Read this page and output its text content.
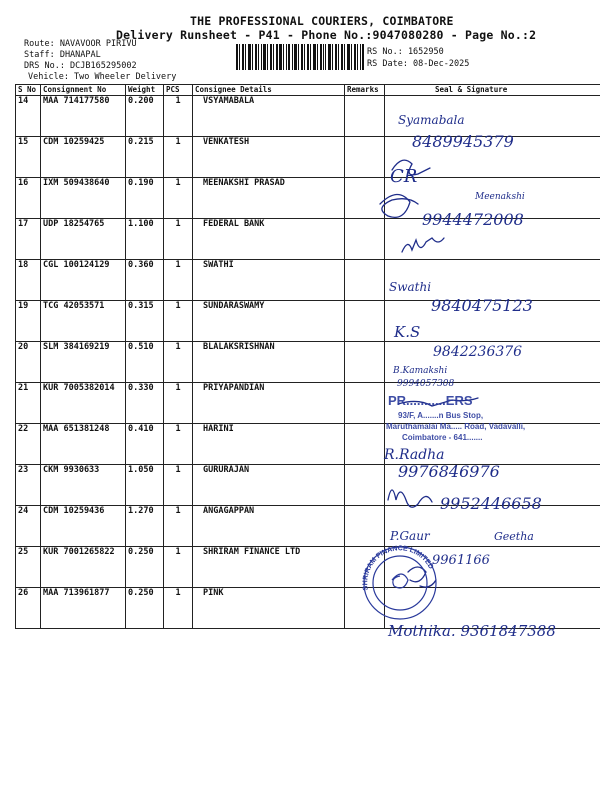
THE PROFESSIONAL COURIERS, COIMBATORE
Delivery Runsheet - P41 - Phone No.:9047080280 - Page No.:2
Route: NAVAVOOR PIRIVU
Staff: DHANAPAL
DRS No.: DCJB165295002
Vehicle: Two Wheeler Delivery
RS No.: 1652950
RS Date: 08-Dec-2025
S No	Consignment No	Weight	PCS	Consignee Details	Remarks	Seal & Signature
14	MAA 714177580	0.200	1	VSYAMABALA		
15	CDM 10259425	0.215	1	VENKATESH		
16	IXM 509438640	0.190	1	MEENAKSHI PRASAD		
17	UDP 18254765	1.100	1	FEDERAL BANK		
18	CGL 100124129	0.360	1	SWATHI		
19	TCG 42053571	0.315	1	SUNDARASWAMY		
20	SLM 384169219	0.510	1	BLALAKSRISHNAN		
21	KUR 7005382014	0.330	1	PRIYAPANDIAN		
22	MAA 651381248	0.410	1	HARINI		
23	CKM 9930633	1.050	1	GURURAJAN		
24	CDM 10259436	1.270	1	ANGAGAPPAN		
25	KUR 7001265822	0.250	1	SHRIRAM FINANCE LTD		
26	MAA 713961877	0.250	1	PINK		
Syamabala
8489945379
CR
Meenakshi
9944472008
Swathi
9840475123
K.S
9842236376
B.Kamakshi
9994057308
R.Radha
9976846976
9952446658
P.Gaur	Geetha
9961166
Mothika. 9361847388
PR...........ERS
93/F, A.......n Bus Stop,
Maruthamalai Ma..... Road, Vadavalli,
Coimbatore - 641.......
SHRIRAM FINANCE LIMITED
